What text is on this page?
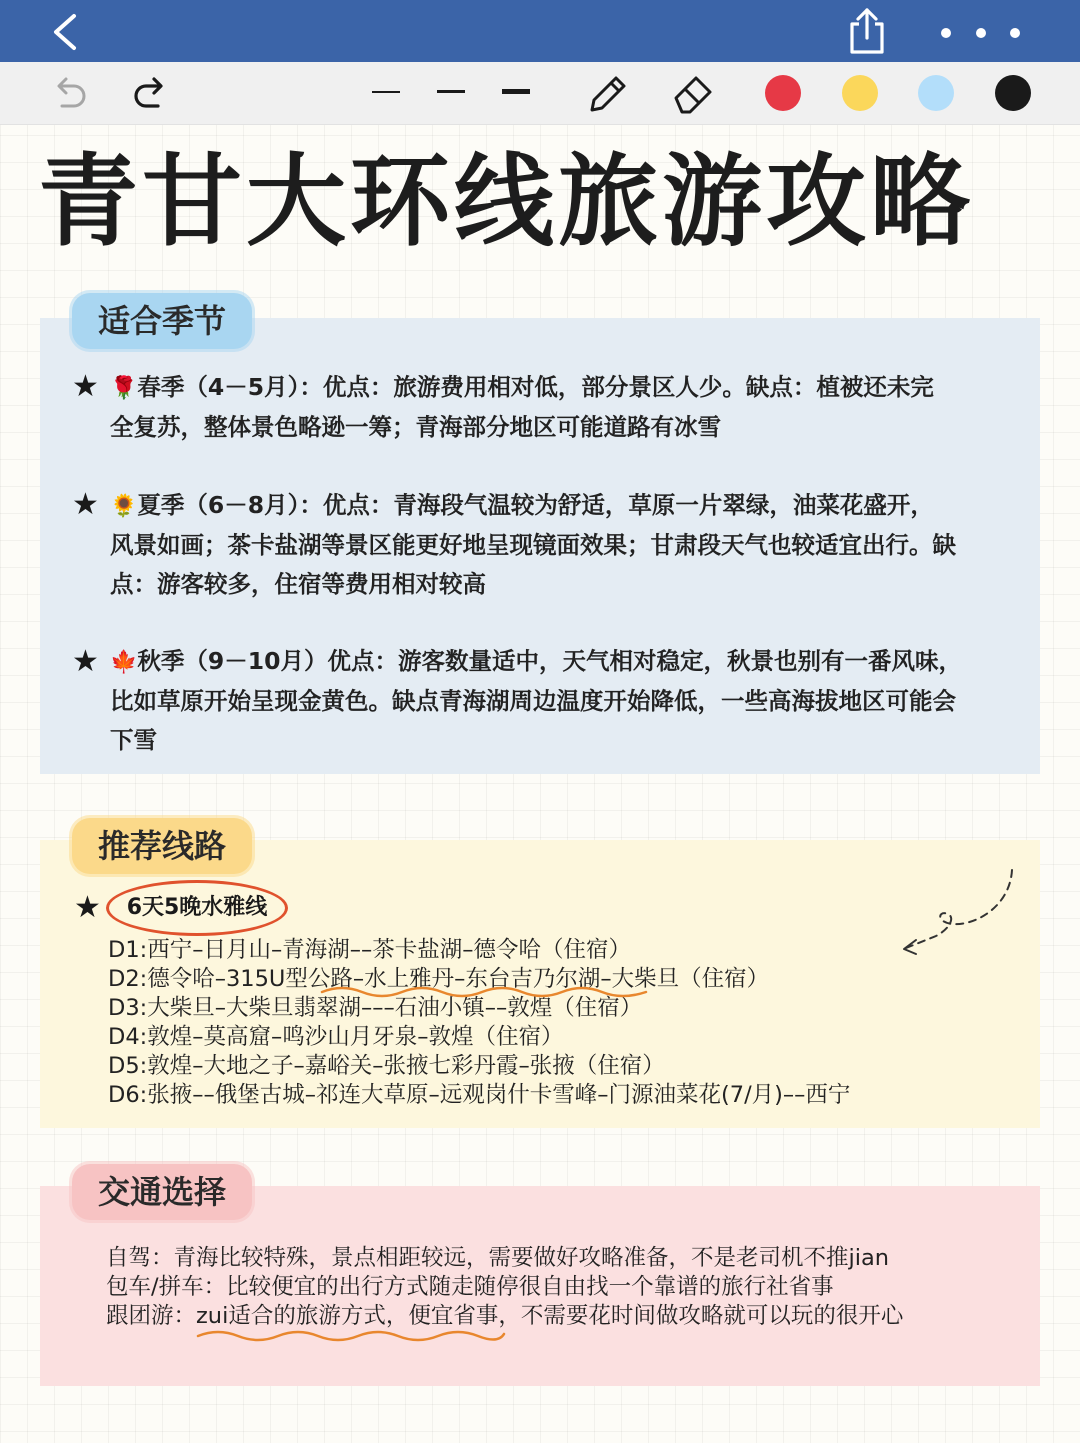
青甘大环线旅游攻略
适合季节
★ 🌹春季（4－5月）：优点：旅游费用相对低，部分景区人少。缺点：植被还未完
全复苏，整体景色略逊一筹；青海部分地区可能道路有冰雪
★ 🌻夏季（6－8月）：优点：青海段气温较为舒适，草原一片翠绿，油菜花盛开，
风景如画；茶卡盐湖等景区能更好地呈现镜面效果；甘肃段天气也较适宜出行。缺
点：游客较多，住宿等费用相对较高
★ 🍁秋季（9－10月）优点：游客数量适中，天气相对稳定，秋景也别有一番风味，
比如草原开始呈现金黄色。缺点青海湖周边温度开始降低，一些高海拔地区可能会
下雪
推荐线路
★	6天5晚水雅线
D1:西宁–日月山–青海湖––茶卡盐湖–德令哈（住宿）
D2:德令哈–315U型公路–水上雅丹–东台吉乃尔湖–大柴旦（住宿）
D3:大柴旦–大柴旦翡翠湖–––石油小镇––敦煌（住宿）
D4:敦煌–莫高窟–鸣沙山月牙泉–敦煌（住宿）
D5:敦煌–大地之子–嘉峪关–张掖七彩丹霞–张掖（住宿）
D6:张掖––俄堡古城–祁连大草原–远观岗什卡雪峰–门源油菜花(7/月)––西宁
交通选择
自驾：青海比较特殊，景点相距较远，需要做好攻略准备，不是老司机不推jian
包车/拼车：比较便宜的出行方式随走随停很自由找一个靠谱的旅行社省事
跟团游：zui适合的旅游方式，便宜省事，不需要花时间做攻略就可以玩的很开心
